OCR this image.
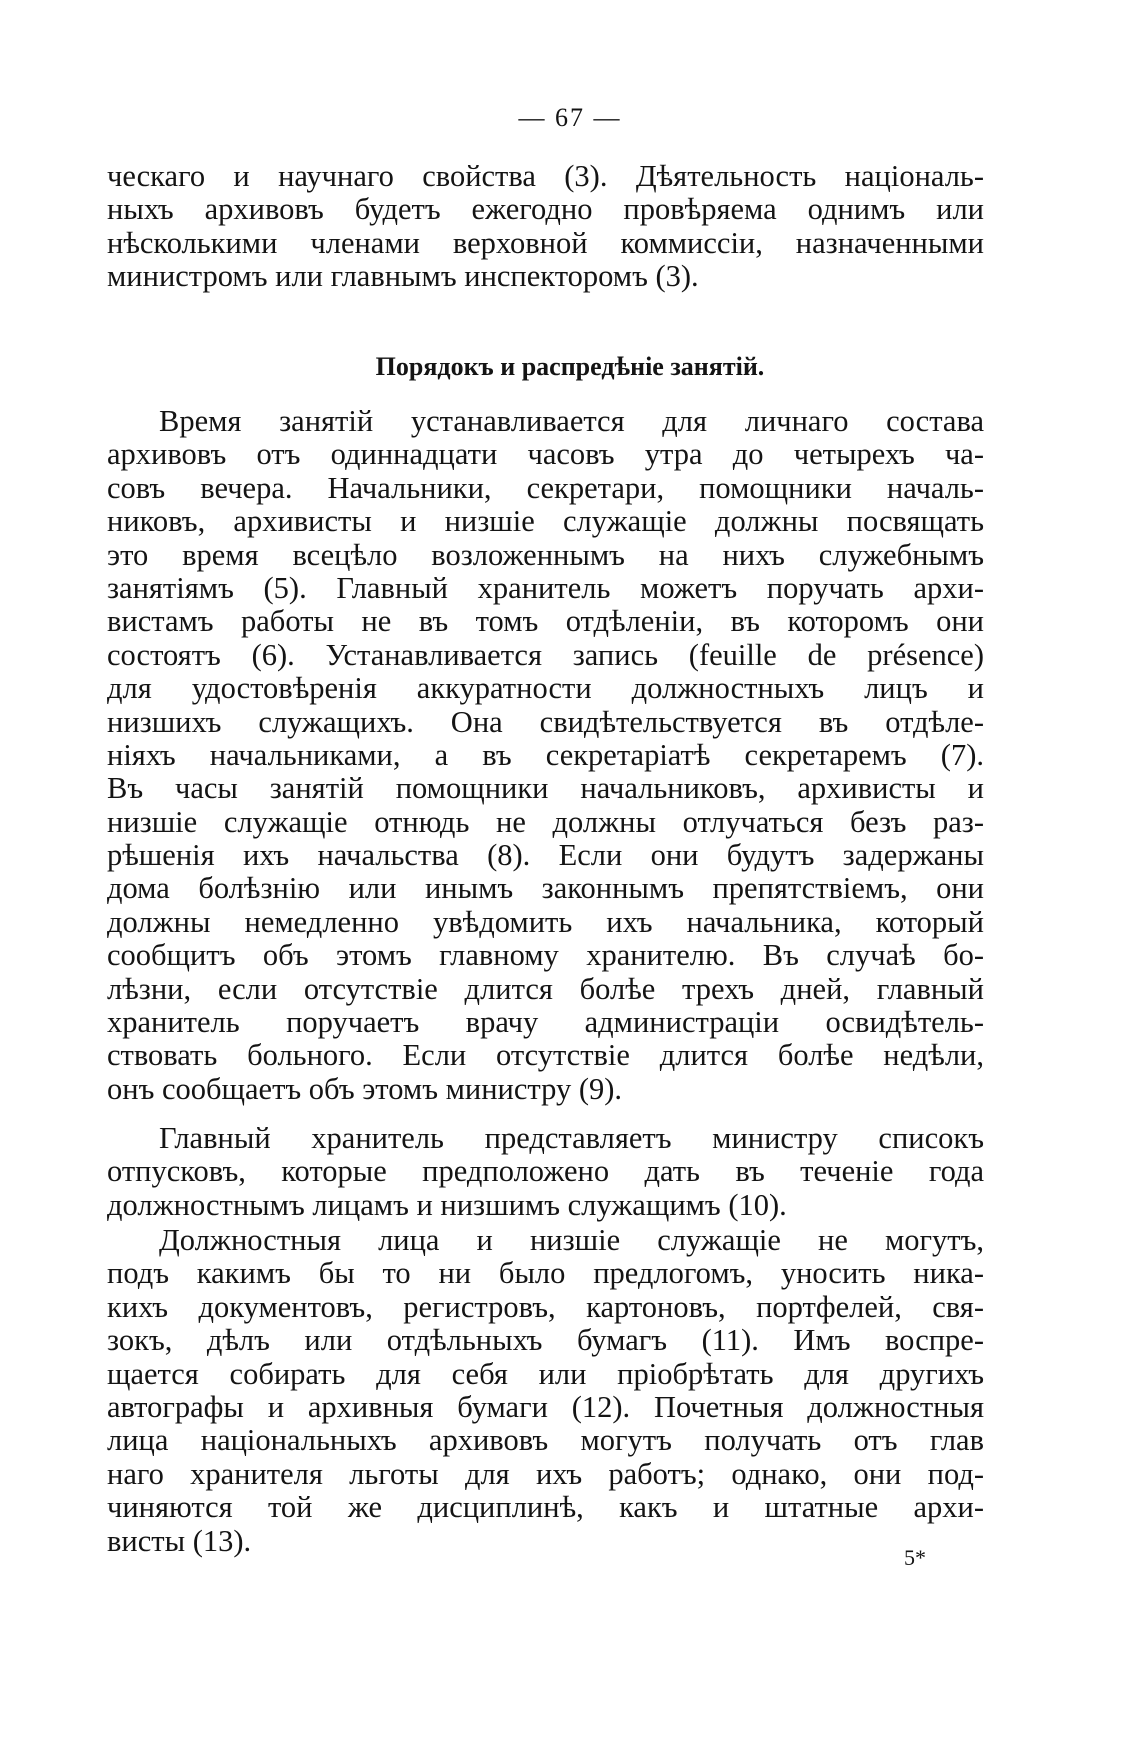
— 67 —
ческаго и научнаго свойства (3). Дѣятельность національ-
ныхъ архивовъ будетъ ежегодно провѣряема однимъ или
нѣсколькими членами верховной коммиссіи, назначенными
министромъ или главнымъ инспекторомъ (3).
Порядокъ и распредѣніе занятій.
Время занятій устанавливается для личнаго состава
архивовъ отъ одиннадцати часовъ утра до четырехъ ча-
совъ вечера. Начальники, секретари, помощники началь-
никовъ, архивисты и низшіе служащіе должны посвящать
это время всецѣло возложеннымъ на нихъ служебнымъ
занятіямъ (5). Главный хранитель можетъ поручать архи-
вистамъ работы не въ томъ отдѣленіи, въ которомъ они
состоятъ (6). Устанавливается запись (feuille de présence)
для удостовѣренія аккуратности должностныхъ лицъ и
низшихъ служащихъ. Она свидѣтельствуется въ отдѣле-
ніяхъ начальниками, а въ секретаріатѣ секретаремъ (7).
Въ часы занятій помощники начальниковъ, архивисты и
низшіе служащіе отнюдь не должны отлучаться безъ раз-
рѣшенія ихъ начальства (8). Если они будутъ задержаны
дома болѣзнію или инымъ законнымъ препятствіемъ, они
должны немедленно увѣдомить ихъ начальника, который
сообщитъ объ этомъ главному хранителю. Въ случаѣ бо-
лѣзни, если отсутствіе длится болѣе трехъ дней, главный
хранитель поручаетъ врачу администраціи освидѣтель-
ствовать больного. Если отсутствіе длится болѣе недѣли,
онъ сообщаетъ объ этомъ министру (9).
Главный хранитель представляетъ министру списокъ
отпусковъ, которые предположено дать въ теченіе года
должностнымъ лицамъ и низшимъ служащимъ (10).
Должностныя лица и низшіе служащіе не могутъ,
подъ какимъ бы то ни было предлогомъ, уносить ника-
кихъ документовъ, регистровъ, картоновъ, портфелей, свя-
зокъ, дѣлъ или отдѣльныхъ бумагъ (11). Имъ воспре-
щается собирать для себя или пріобрѣтать для другихъ
автографы и архивныя бумаги (12). Почетныя должностныя
лица національныхъ архивовъ могутъ получать отъ глав
наго хранителя льготы для ихъ работъ; однако, они под-
чиняются той же дисциплинѣ, какъ и штатные архи-
висты (13).	5*
